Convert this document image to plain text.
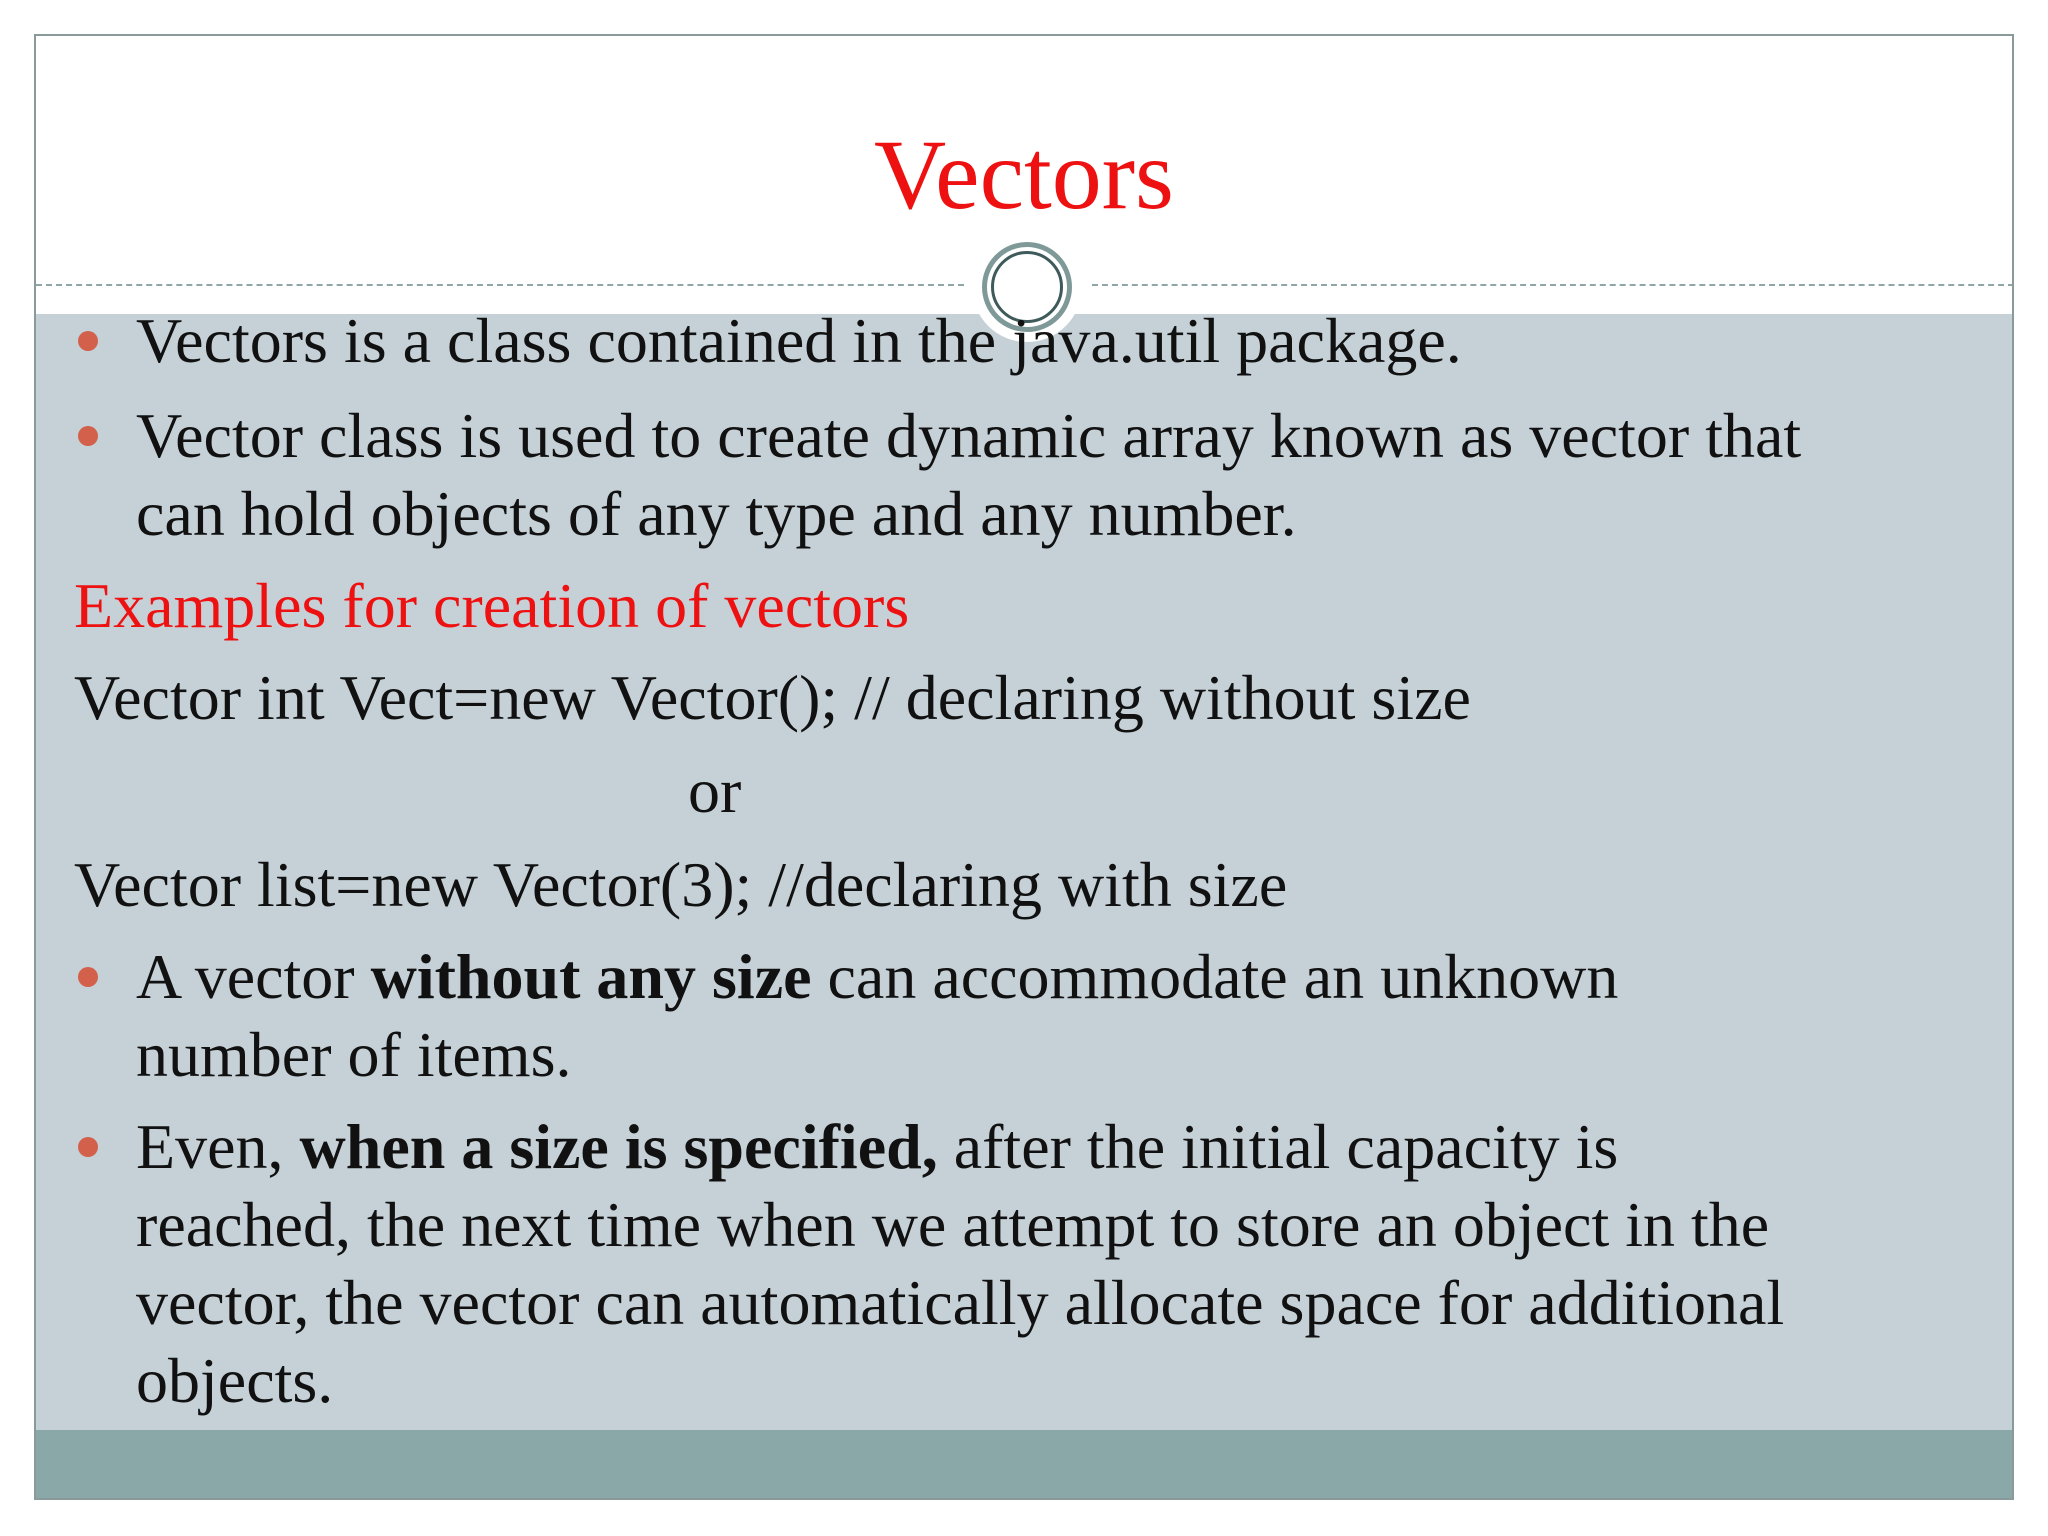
Vectors
Vectors is a class contained in the java.util package.
Vector class is used to create dynamic array known as vector that
can hold objects of any type and any number.
Examples for creation of vectors
Vector int Vect=new Vector(); // declaring without size
or
Vector list=new Vector(3); //declaring with size
A vector without any size can accommodate an unknown
number of items.
Even, when a size is specified, after the initial capacity is
reached, the next time when we attempt to store an object in the
vector, the vector can automatically allocate space for additional
objects.
